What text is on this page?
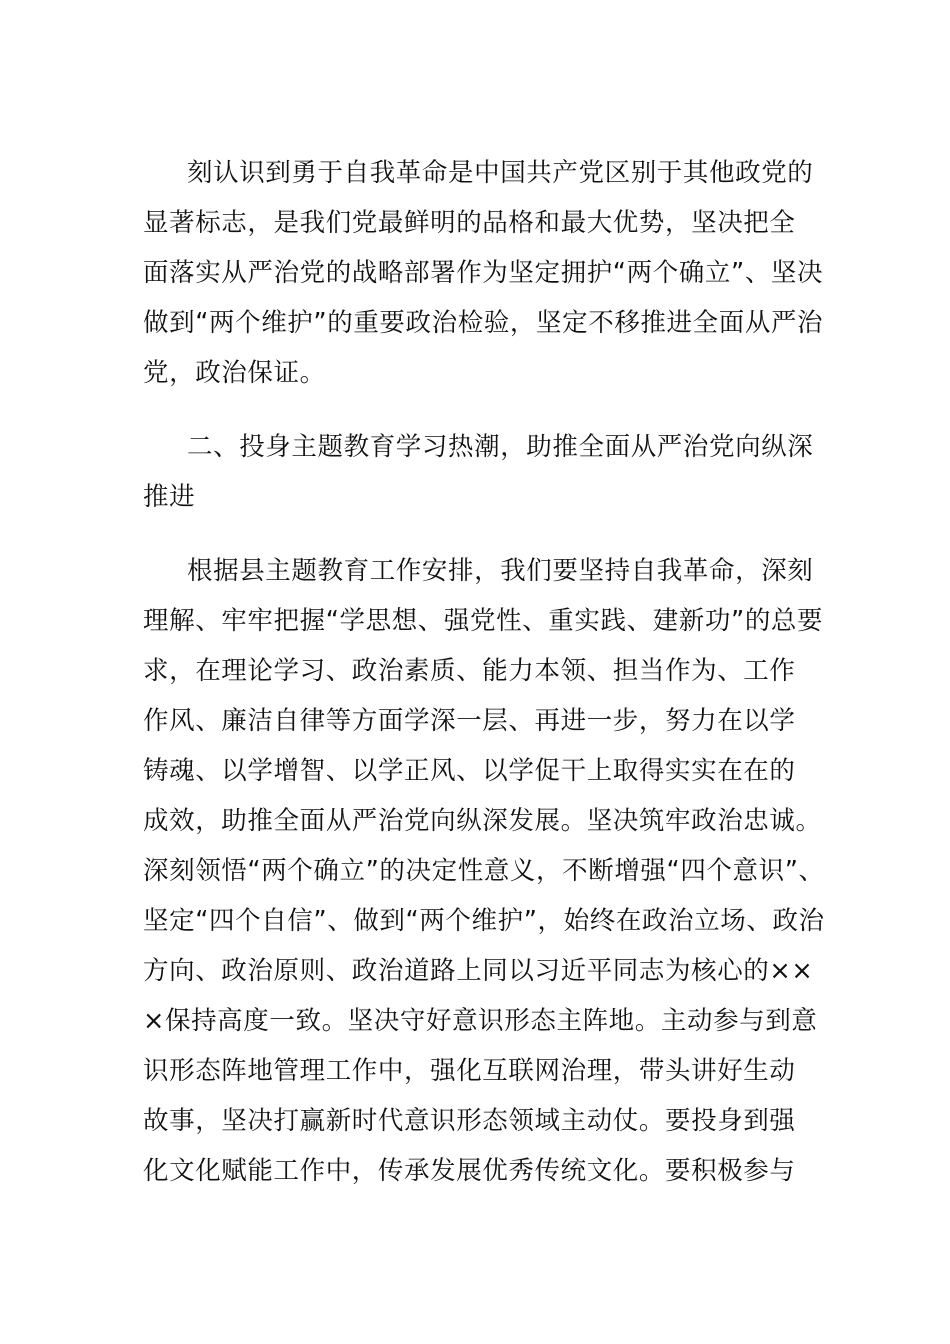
刻认识到勇于自我革命是中国共产党区别于其他政党的
显著标志，是我们党最鲜明的品格和最大优势，坚决把全
面落实从严治党的战略部署作为坚定拥护“两个确立”、坚决
做到“两个维护”的重要政治检验，坚定不移推进全面从严治
党，政治保证。
二、投身主题教育学习热潮，助推全面从严治党向纵深
推进
根据县主题教育工作安排，我们要坚持自我革命，深刻
理解、牢牢把握“学思想、强党性、重实践、建新功”的总要
求，在理论学习、政治素质、能力本领、担当作为、工作
作风、廉洁自律等方面学深一层、再进一步，努力在以学
铸魂、以学增智、以学正风、以学促干上取得实实在在的
成效，助推全面从严治党向纵深发展。坚决筑牢政治忠诚。
深刻领悟“两个确立”的决定性意义，不断增强“四个意识”、
坚定“四个自信”、做到“两个维护”，始终在政治立场、政治
方向、政治原则、政治道路上同以习近平同志为核心的××
×保持高度一致。坚决守好意识形态主阵地。主动参与到意
识形态阵地管理工作中，强化互联网治理，带头讲好生动
故事，坚决打赢新时代意识形态领域主动仗。要投身到强
化文化赋能工作中，传承发展优秀传统文化。要积极参与
